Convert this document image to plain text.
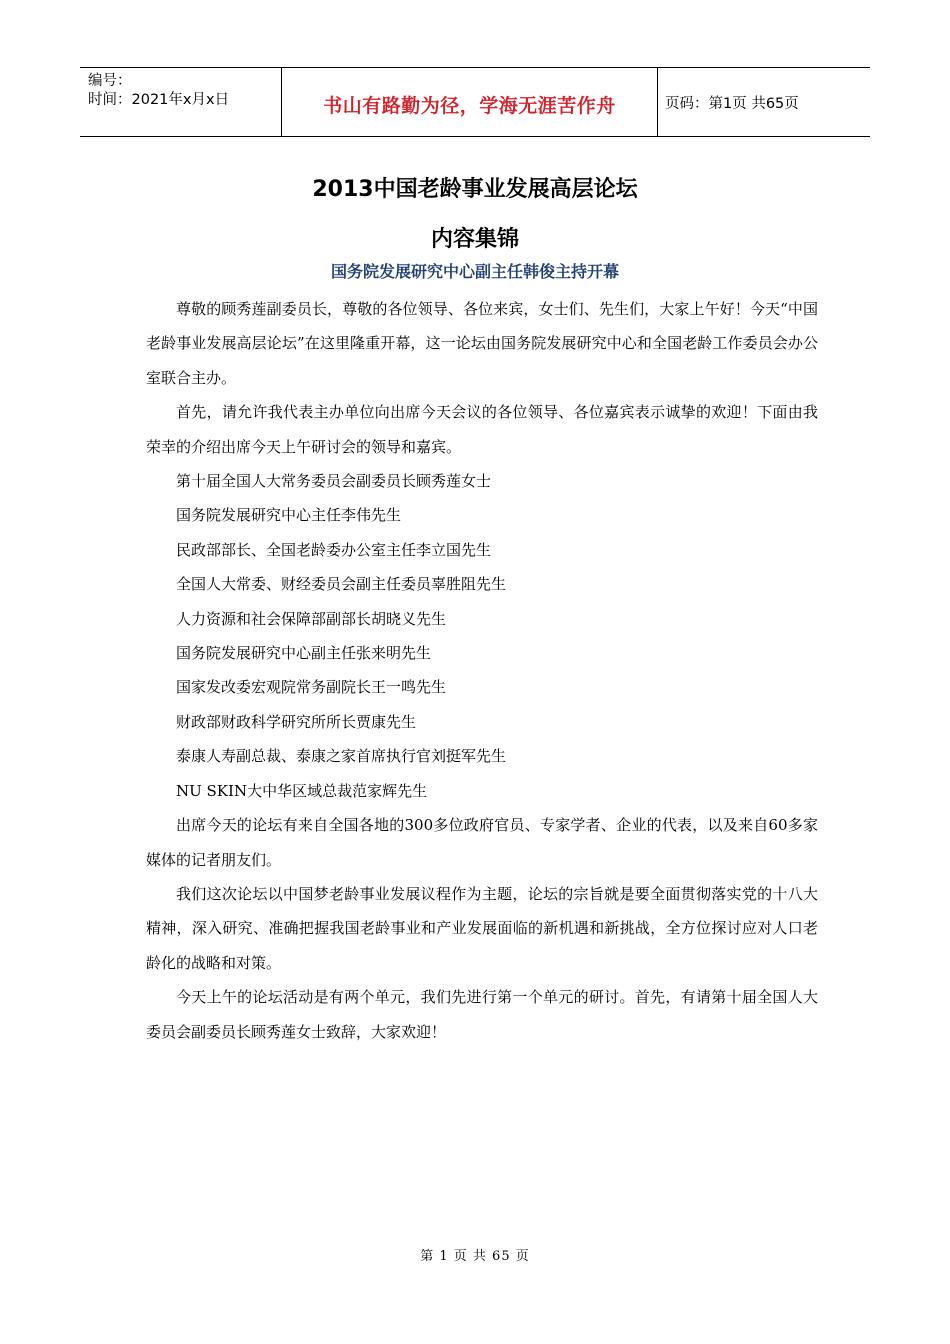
编号：
时间：2021年x月x日	书山有路勤为径，学海无涯苦作舟	页码：第1页 共65页
2013中国老龄事业发展高层论坛
内容集锦
国务院发展研究中心副主任韩俊主持开幕

尊敬的顾秀莲副委员长，尊敬的各位领导、各位来宾，女士们、先生们，大家上午好！今天“中国老龄事业发展高层论坛”在这里隆重开幕，这一论坛由国务院发展研究中心和全国老龄工作委员会办公室联合主办。

首先，请允许我代表主办单位向出席今天会议的各位领导、各位嘉宾表示诚挚的欢迎！下面由我荣幸的介绍出席今天上午研讨会的领导和嘉宾。

第十届全国人大常务委员会副委员长顾秀莲女士

国务院发展研究中心主任李伟先生

民政部部长、全国老龄委办公室主任李立国先生

全国人大常委、财经委员会副主任委员辜胜阻先生

人力资源和社会保障部副部长胡晓义先生

国务院发展研究中心副主任张来明先生

国家发改委宏观院常务副院长王一鸣先生

财政部财政科学研究所所长贾康先生

泰康人寿副总裁、泰康之家首席执行官刘挺军先生

NU SKIN大中华区域总裁范家辉先生

出席今天的论坛有来自全国各地的300多位政府官员、专家学者、企业的代表，以及来自60多家媒体的记者朋友们。

我们这次论坛以中国梦老龄事业发展议程作为主题，论坛的宗旨就是要全面贯彻落实党的十八大精神，深入研究、准确把握我国老龄事业和产业发展面临的新机遇和新挑战，全方位探讨应对人口老龄化的战略和对策。

今天上午的论坛活动是有两个单元，我们先进行第一个单元的研讨。首先，有请第十届全国人大委员会副委员长顾秀莲女士致辞，大家欢迎！

第 1 页 共 65 页
